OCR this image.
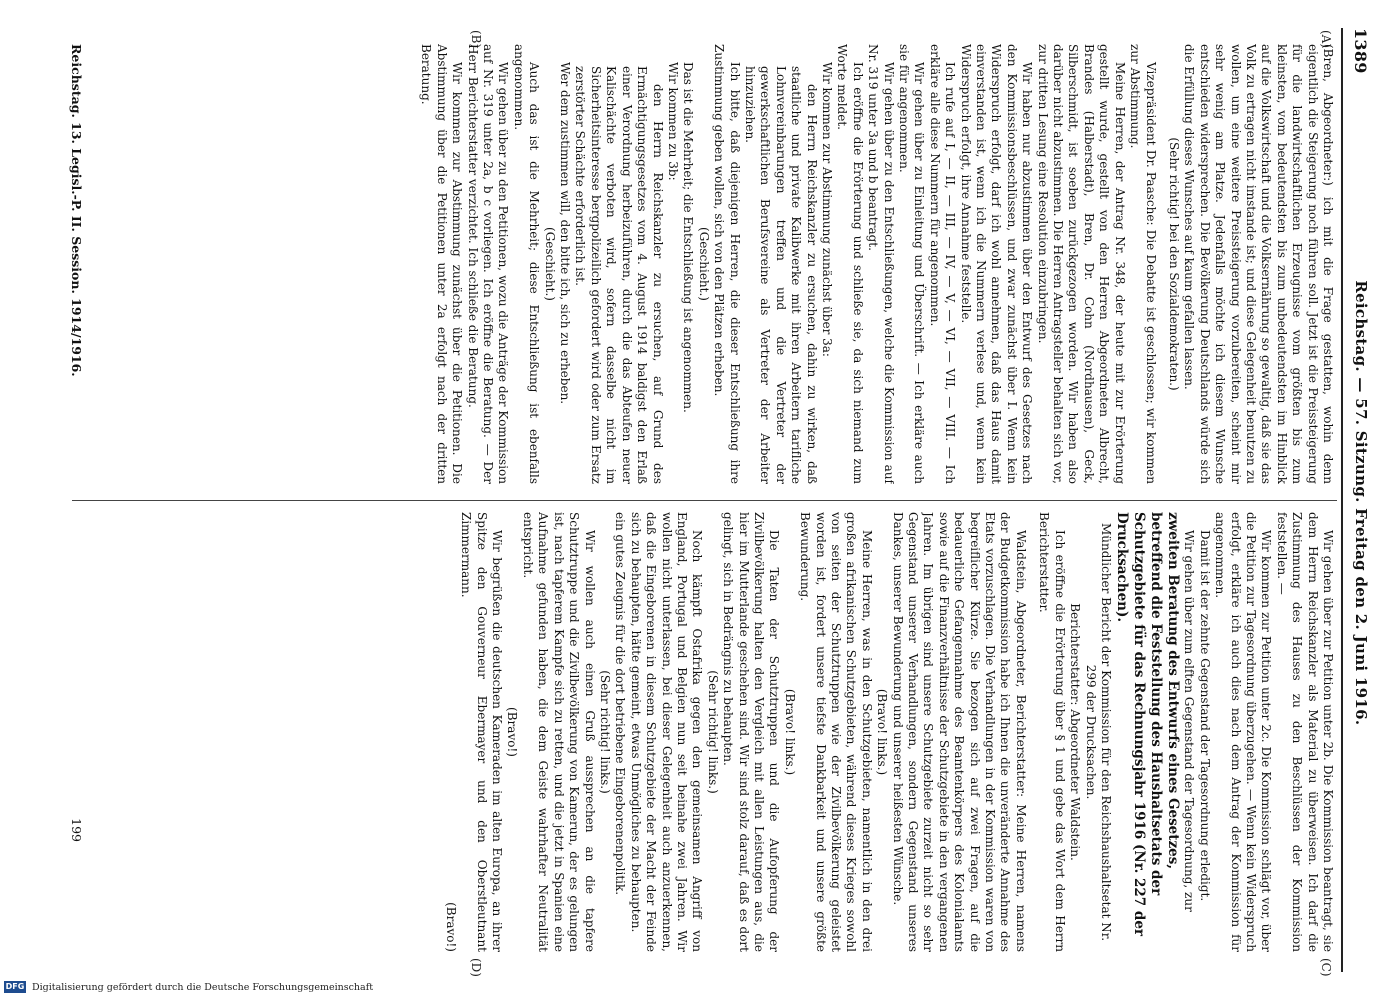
1389
Reichstag. — 57. Sitzung. Freitag den 2. Juni 1916.
(A)
(B)
(C)
(D)

(Bren, Abgeordneter:) ich mit die Frage gestatten, wohin denn eigentlich die Steigerung noch führen soll. Jetzt ist die Preissteigerung für die landwirtschaftlichen Erzeugnisse vom größten bis zum kleinsten, vom bedeutendsten bis zum unbedeutendsten im Hinblick auf die Volkswirtschaft und die Volksernährung so gewaltig, daß sie das Volk zu ertragen nicht imstande ist; und diese Gelegenheit benutzen zu wollen, um eine weitere Preissteigerung vorzubereiten, scheint mir sehr wenig am Platze. Jedenfalls möchte ich diesem Wunsche entschieden widersprechen. Die Bevölkerung Deutschlands würde sich die Erfüllung dieses Wunsches auf kaum gefallen lassen.

(Sehr richtig! bei den Sozialdemokraten.)

Vizepräsident Dr. Paasche: Die Debatte ist geschlossen; wir kommen zur Abstimmung.

Meine Herren, der Antrag Nr. 348, der heute mit zur Erörterung gestellt wurde, gestellt von den Herren Abgeordneten Albrecht, Brandes (Halberstadt), Bren, Dr. Cohn (Nordhausen), Geck, Silberschmidt, ist soeben zurückgezogen worden. Wir haben also darüber nicht abzustimmen. Die Herren Antragsteller behalten sich vor, zur dritten Lesung eine Resolution einzubringen.

Wir haben nur abzustimmen über den Entwurf des Gesetzes nach den Kommissionsbeschlüssen, und zwar zunächst über I. Wenn kein Widerspruch erfolgt, darf ich wohl annehmen, daß das Haus damit einverstanden ist, wenn ich die Nummern verlese und, wenn kein Widerspruch erfolgt, ihre Annahme feststelle.

Ich rufe auf I, — II, — III, — IV, — V, — VI, — VII, — VIII. — Ich erkläre alle diese Nummern für angenommen.

Wir gehen über zu Einleitung und Überschrift. — Ich erkläre auch sie für angenommen.

Wir gehen über zu den Entschließungen, welche die Kommission auf Nr. 319 unter 3a und b beantragt.

Ich eröffne die Erörterung und schließe sie, da sich niemand zum Worte meldet.

Wir kommen zur Abstimmung zunächst über 3a:

den Herrn Reichskanzler zu ersuchen, dahin zu wirken, daß staatliche und private Kalibwerke mit ihren Arbeitern tarifliche Lohnvereinbarungen treffen und die Vertreter der gewerkschaftlichen Berufsvereine als Vertreter der Arbeiter hinzuziehen.

Ich bitte, daß diejenigen Herren, die dieser Entschließung ihre Zustimmung geben wollen, sich von den Plätzen erheben.

(Geschieht.)

Das ist die Mehrheit; die Entschließung ist angenommen.

Wir kommen zu 3b:

den Herrn Reichskanzler zu ersuchen, auf Grund des Ermächtigungsgesetzes vom 4. August 1914 baldigst den Erlaß einer Verordnung herbeizuführen, durch die das Abteufen neuer Kalischächte verboten wird, sofern dasselbe nicht im Sicherheitsinteresse bergpolizeilich gefordert wird oder zum Ersatz zerstörter Schächte erforderlich ist.

Wer dem zustimmen will, den bitte ich, sich zu erheben.

(Geschieht.)

Auch das ist die Mehrheit; diese Entschließung ist ebenfalls angenommen.

Wir gehen über zu den Petitionen, wozu die Anträge der Kommission auf Nr. 319 unter 2a, b c vorliegen. Ich eröffne die Beratung. — Der Herr Berichterstatter verzichtet. Ich schließe die Beratung.

Wir kommen zur Abstimmung zunächst über die Petitionen. Die Abstimmung über die Petitionen unter 2a erfolgt nach der dritten Beratung.

Wir gehen über zur Petition unter 2b. Die Kommission beantragt, sie dem Herrn Reichskanzler als Material zu überweisen. Ich darf die Zustimmung des Hauses zu den Beschlüssen der Kommission feststellen. —

Wir kommen zur Petition unter 2c. Die Kommission schlägt vor, über die Petition zur Tagesordnung überzugehen. — Wenn kein Widerspruch erfolgt, erkläre ich auch dies nach dem Antrag der Kommission für angenommen.

Damit ist der zehnte Gegenstand der Tagesordnung erledigt.

Wir gehen über zum elften Gegenstand der Tagesordnung, zur

zweiten Beratung des Entwurfs eines Gesetzes, betreffend die Feststellung des Haushaltsetats der Schutzgebiete für das Rechnungsjahr 1916 (Nr. 227 der Drucksachen).

Mündlicher Bericht der Kommission für den Reichshaushaltsetat Nr. 299 der Drucksachen.

Berichterstatter: Abgeordneter Waldstein.

Ich eröffne die Erörterung über § 1 und gebe das Wort dem Herrn Berichterstatter.

Waldstein, Abgeordneter, Berichterstatter: Meine Herren, namens der Budgetkommission habe ich Ihnen die unveränderte Annahme des Etats vorzuschlagen. Die Verhandlungen in der Kommission waren von begreiflicher Kürze. Sie bezogen sich auf zwei Fragen, auf die bedauerliche Gefangennahme des Beamtenkörpers des Kolonialamts sowie auf die Finanzverhältnisse der Schutzgebiete in den vergangenen Jahren. Im übrigen sind unsere Schutzgebiete zurzeit nicht so sehr Gegenstand unserer Verhandlungen, sondern Gegenstand unseres Dankes, unserer Bewunderung und unserer heißesten Wünsche.

(Bravo! links.)

Meine Herren, was in den Schutzgebieten, namentlich in den drei großen afrikanischen Schutzgebieten, während dieses Krieges sowohl von seiten der Schutztruppen wie der Zivilbevölkerung geleistet worden ist, fordert unsere tiefste Dankbarkeit und unsere größte Bewunderung.

(Bravo! links.)

Die Taten der Schutztruppen und die Aufopferung der Zivilbevölkerung halten den Vergleich mit allen Leistungen aus, die hier im Mutterlande geschehen sind. Wir sind stolz darauf, daß es dort gelingt, sich in Bedrängnis zu behaupten.

(Sehr richtig! links.)

Noch kämpft Ostafrika gegen den gemeinsamen Angriff von England, Portugal und Belgien nun seit beinahe zwei Jahren. Wir wollen nicht unterlassen, bei dieser Gelegenheit auch anzuerkennen, daß die Eingeborenen in diesem Schutzgebiete der Macht der Feinde sich zu behaupten, hätte gemeint, etwas Unmögliches zu behaupten.

ein gutes Zeugnis für die dort betriebene Eingeborenenpolitik.

(Sehr richtig! links.)

Wir wollen auch einen Gruß aussprechen an die tapfere Schutztruppe und die Zivilbevölkerung von Kamerun, der es gelungen ist, nach tapferem Kampfe sich zu retten, und die jetzt in Spanien eine Aufnahme gefunden haben, die dem Geiste wahrhafter Neutralität entspricht.

(Bravo!)

Wir begrüßen die deutschen Kameraden im alten Europa, an ihrer Spitze den Gouverneur Ebermayer und den Oberstleutnant Zimmermann.

(Bravo!)

Reichstag. 13. Legisl.-P. II. Session. 1914/1916.
199
DFG Digitalisierung gefördert durch die Deutsche Forschungsgemeinschaft
